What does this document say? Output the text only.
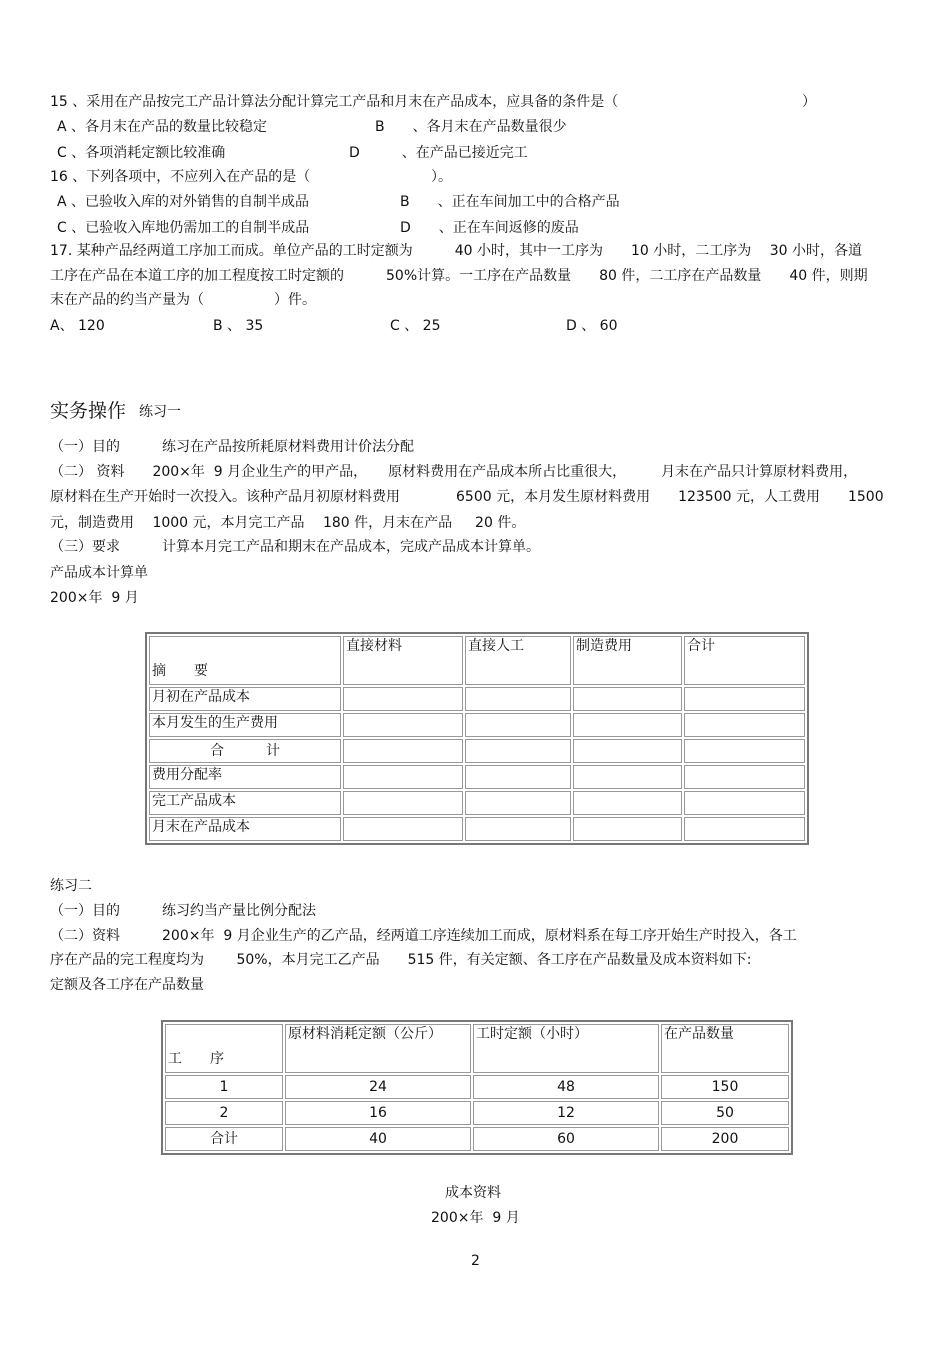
15 、采用在产品按完工产品计算法分配计算完工产品和月末在产品成本，应具备的条件是（	）
A 、各月末在产品的数量比较稳定	B　　、各月末在产品数量很少
C 、各项消耗定额比较准确	D　　　、在产品已接近完工
16 、下列各项中，不应列入在产品的是（	）。
A 、已验收入库的对外销售的自制半成品	B　　、正在车间加工中的合格产品
C 、已验收入库地仍需加工的自制半成品	D　　、正在车间返修的废品
17. 某种产品经两道工序加工而成。单位产品的工时定额为　　　40 小时，其中一工序为　　10 小时，二工序为　 30 小时，各道
工序在产品在本道工序的加工程度按工时定额的　　　50%计算。一工序在产品数量　　80 件，二工序在产品数量　　40 件，则期
末在产品的约当产量为（　　　　　）件。
A、 120	B 、 35	C 、 25	D 、 60
实务操作 练习一
（一）目的　　　练习在产品按所耗原材料费用计价法分配
（二） 资料　　200×年  9 月企业生产的甲产品，　　原材料费用在产品成本所占比重很大，　　　月末在产品只计算原材料费用，
原材料在生产开始时一次投入。该种产品月初原材料费用　　　　6500 元，本月发生原材料费用　　123500 元，人工费用　　1500
元，制造费用　 1000 元，本月完工产品　 180 件，月末在产品　  20 件。
（三）要求　　　计算本月完工产品和期末在产品成本，完成产品成本计算单。
产品成本计算单
200×年  9 月
摘　　要	直接材料	直接人工	制造费用	合计
月初在产品成本				
本月发生的生产费用				
合　　　计				
费用分配率				
完工产品成本				
月末在产品成本				
练习二
（一）目的　　　练习约当产量比例分配法
（二）资料　　　200×年  9 月企业生产的乙产品，经两道工序连续加工而成，原材料系在每工序开始生产时投入，各工
序在产品的完工程度均为　　 50%，本月完工乙产品　　515 件，有关定额、各工序在产品数量及成本资料如下:
定额及各工序在产品数量
工　　序	原材料消耗定额（公斤）	工时定额（小时）	在产品数量
1	24	48	150
2	16	12	50
合计	40	60	200
成本资料
200×年  9 月
2
